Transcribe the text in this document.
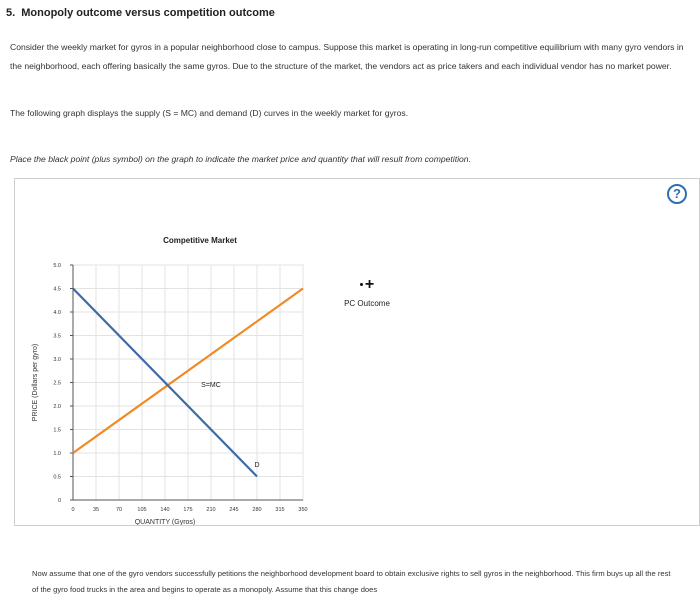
5. Monopoly outcome versus competition outcome
Consider the weekly market for gyros in a popular neighborhood close to campus. Suppose this market is operating in long-run competitive equilibrium with many gyro vendors in the neighborhood, each offering basically the same gyros. Due to the structure of the market, the vendors act as price takers and each individual vendor has no market power.
The following graph displays the supply (S = MC) and demand (D) curves in the weekly market for gyros.
Place the black point (plus symbol) on the graph to indicate the market price and quantity that will result from competition.
0	35	70	105	140	175	210	245	280	315	350
0
0.5
1.0
1.5
2.0
2.5
3.0
3.5
4.0
4.5
5.0
Competitive Market
QUANTITY (Gyros)
PRICE (Dollars per gyro)	S=MC
D
?
+
PC Outcome
Now assume that one of the gyro vendors successfully petitions the neighborhood development board to obtain exclusive rights to sell gyros in the neighborhood. This firm buys up all the rest of the gyro food trucks in the area and begins to operate as a monopoly. Assume that this change does
